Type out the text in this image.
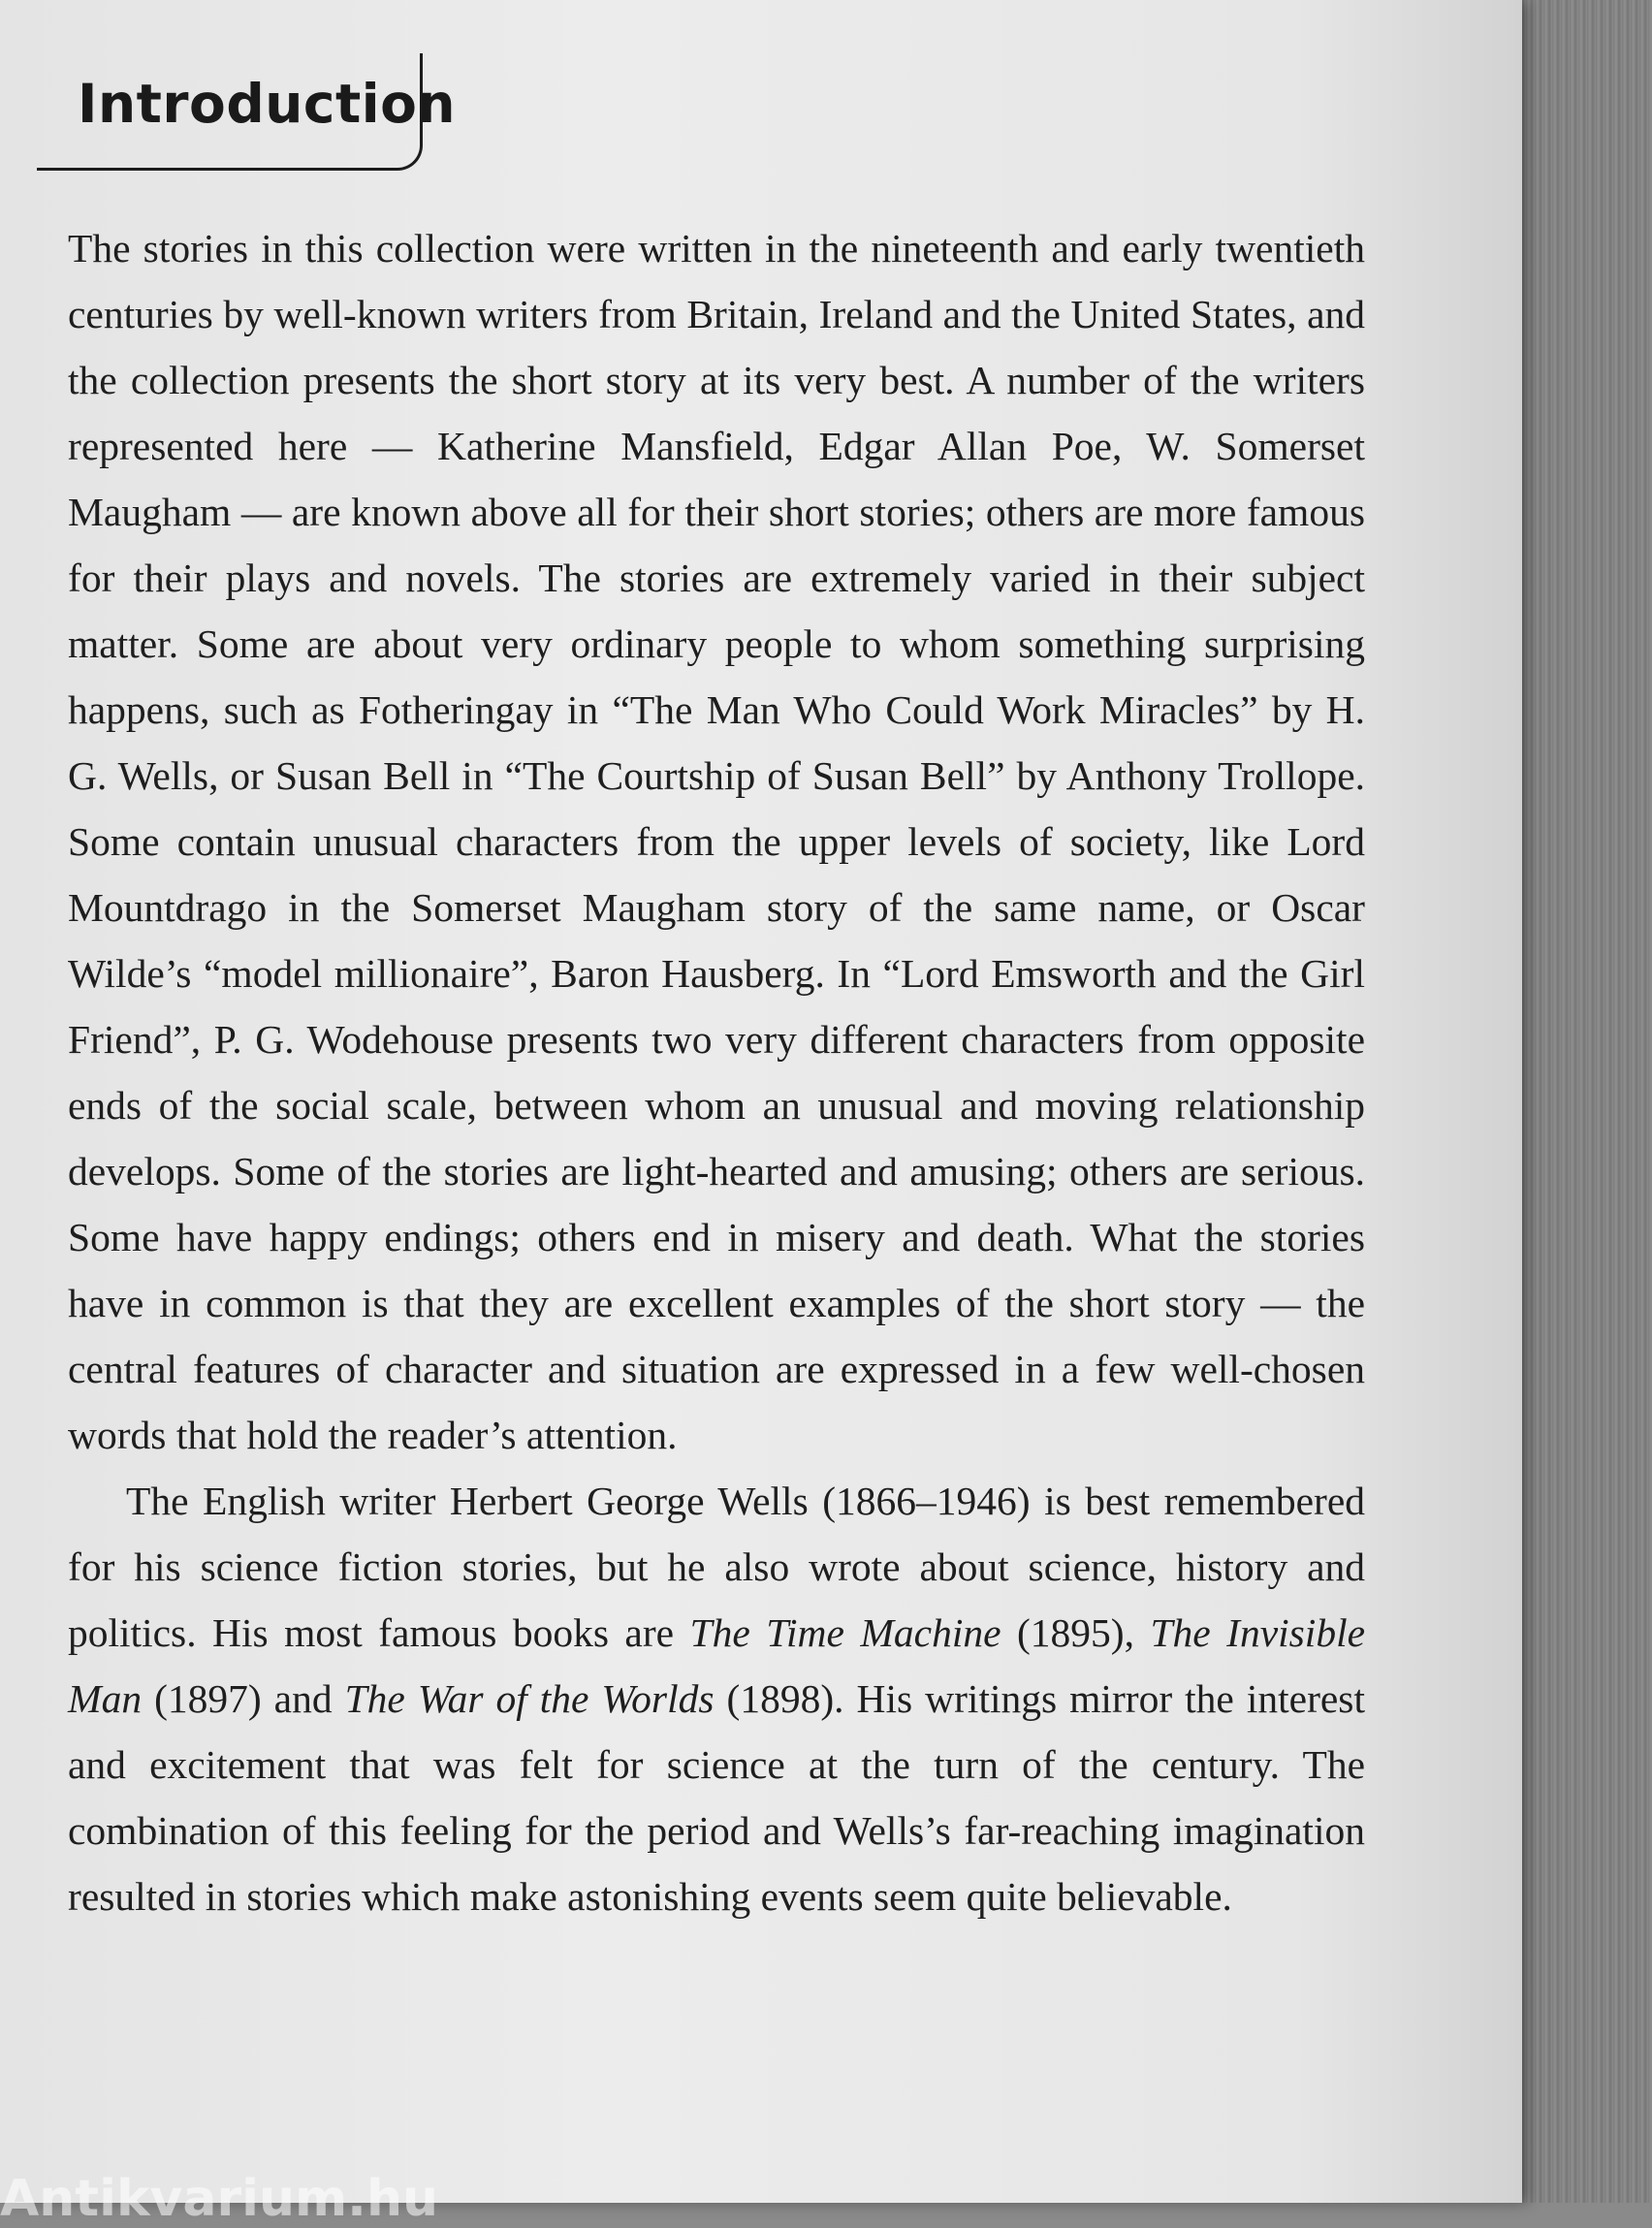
Introduction

The stories in this collection were written in the nineteenth and early twentieth centuries by well-known writers from Britain, Ireland and the United States, and the collection presents the short story at its very best. A number of the writers represented here — Katherine Mansfield, Edgar Allan Poe, W. Somerset Maugham — are known above all for their short stories; others are more famous for their plays and novels. The stories are extremely varied in their subject matter. Some are about very ordinary people to whom something surprising happens, such as Fotheringay in “The Man Who Could Work Miracles” by H. G. Wells, or Susan Bell in “The Courtship of Susan Bell” by Anthony Trollope. Some contain unusual characters from the upper levels of society, like Lord Mountdrago in the Somerset Maugham story of the same name, or Oscar Wilde’s “model millionaire”, Baron Hausberg. In “Lord Emsworth and the Girl Friend”, P. G. Wodehouse presents two very different characters from opposite ends of the social scale, between whom an unusual and moving relationship develops. Some of the stories are light-hearted and amusing; others are serious. Some have happy endings; others end in misery and death. What the stories have in common is that they are excellent examples of the short story — the central features of character and situation are expressed in a few well-chosen words that hold the reader’s attention.

The English writer Herbert George Wells (1866–1946) is best remembered for his science fiction stories, but he also wrote about science, history and politics. His most famous books are The Time Machine (1895), The Invisible Man (1897) and The War of the Worlds (1898). His writings mirror the interest and excitement that was felt for science at the turn of the century. The combination of this feeling for the period and Wells’s far-reaching imagination resulted in stories which make astonishing events seem quite believable.

Antikvarium.hu
